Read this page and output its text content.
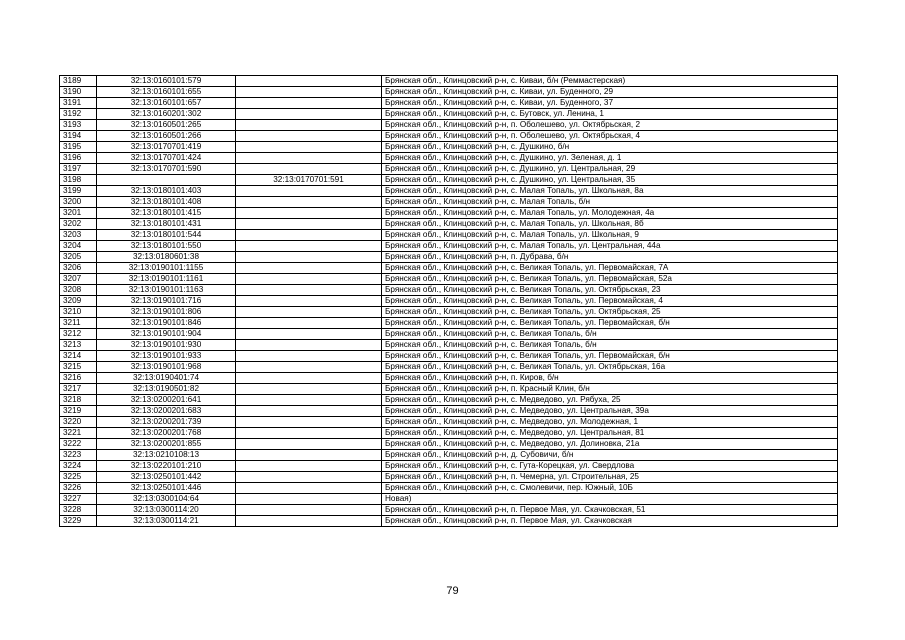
3189	32:13:0160101:579		Брянская обл., Клинцовский р-н, с. Киваи, б/н (Реммастерская)
3190	32:13:0160101:655		Брянская обл., Клинцовский р-н, с. Киваи, ул. Буденного, 29
3191	32:13:0160101:657		Брянская обл., Клинцовский р-н, с. Киваи, ул. Буденного, 37
3192	32:13:0160201:302		Брянская обл., Клинцовский р-н, с. Бутовск, ул. Ленина, 1
3193	32:13:0160501:265		Брянская обл., Клинцовский р-н, п. Оболешево, ул. Октябрьская, 2
3194	32:13:0160501:266		Брянская обл., Клинцовский р-н, п. Оболешево, ул. Октябрьская, 4
3195	32:13:0170701:419		Брянская обл., Клинцовский р-н, с. Душкино, б/н
3196	32:13:0170701:424		Брянская обл., Клинцовский р-н, с. Душкино, ул. Зеленая, д. 1
3197	32:13:0170701:590		Брянская обл., Клинцовский р-н, с. Душкино, ул. Центральная, 29
3198		32:13:0170701:591	Брянская обл., Клинцовский р-н, с. Душкино, ул. Центральная, 35
3199	32:13:0180101:403		Брянская обл., Клинцовский р-н, с. Малая Топаль, ул. Школьная, 8а
3200	32:13:0180101:408		Брянская обл., Клинцовский р-н, с. Малая Топаль, б/н
3201	32:13:0180101:415		Брянская обл., Клинцовский р-н, с. Малая Топаль, ул. Молодежная, 4а
3202	32:13:0180101:431		Брянская обл., Клинцовский р-н, с. Малая Топаль, ул. Школьная, 8б
3203	32:13:0180101:544		Брянская обл., Клинцовский р-н, с. Малая Топаль, ул. Школьная, 9
3204	32:13:0180101:550		Брянская обл., Клинцовский р-н, с. Малая Топаль, ул. Центральная, 44а
3205	32:13:0180601:38		Брянская обл., Клинцовский р-н, п. Дубрава, б/н
3206	32:13:0190101:1155		Брянская обл., Клинцовский р-н, с. Великая Топаль, ул. Первомайская, 7А
3207	32:13:0190101:1161		Брянская обл., Клинцовский р-н, с. Великая Топаль, ул. Первомайская, 52а
3208	32:13:0190101:1163		Брянская обл., Клинцовский р-н, с. Великая Топаль, ул. Октябрьская, 23
3209	32:13:0190101:716		Брянская обл., Клинцовский р-н, с. Великая Топаль, ул. Первомайская, 4
3210	32:13:0190101:806		Брянская обл., Клинцовский р-н, с. Великая Топаль, ул. Октябрьская, 25
3211	32:13:0190101:846		Брянская обл., Клинцовский р-н, с. Великая Топаль, ул. Первомайская, б/н
3212	32:13:0190101:904		Брянская обл., Клинцовский р-н, с. Великая Топаль, б/н
3213	32:13:0190101:930		Брянская обл., Клинцовский р-н, с. Великая Топаль, б/н
3214	32:13:0190101:933		Брянская обл., Клинцовский р-н, с. Великая Топаль, ул. Первомайская, б/н
3215	32:13:0190101:968		Брянская обл., Клинцовский р-н, с. Великая Топаль, ул. Октябрьская, 16а
3216	32:13:0190401:74		Брянская обл., Клинцовский р-н, п. Киров, б/н
3217	32:13:0190501:82		Брянская обл., Клинцовский р-н, п. Красный Клин, б/н
3218	32:13:0200201:641		Брянская обл., Клинцовский р-н, с. Медведово, ул. Рябуха, 25
3219	32:13:0200201:683		Брянская обл., Клинцовский р-н, с. Медведово, ул. Центральная, 39а
3220	32:13:0200201:739		Брянская обл., Клинцовский р-н, с. Медведово, ул. Молодежная, 1
3221	32:13:0200201:768		Брянская обл., Клинцовский р-н, с. Медведово, ул. Центральная, 81
3222	32:13:0200201:855		Брянская обл., Клинцовский р-н, с. Медведово, ул. Долиновка, 21а
3223	32:13:0210108:13		Брянская обл., Клинцовский р-н, д. Субовичи, б/н
3224	32:13:0220101:210		Брянская обл., Клинцовский р-н, с. Гута-Корецкая, ул. Свердлова
3225	32:13:0250101:442		Брянская обл., Клинцовский р-н, п. Чемерна, ул. Строительная, 25
3226	32:13:0250101:446		Брянская обл., Клинцовский р-н, с. Смолевичи, пер. Южный, 10Б
3227	32:13:0300104:64		Новая)
3228	32:13:0300114:20		Брянская обл., Клинцовский р-н, п. Первое Мая, ул. Скачковская, 51
3229	32:13:0300114:21		Брянская обл., Клинцовский р-н, п. Первое Мая, ул. Скачковская
79
